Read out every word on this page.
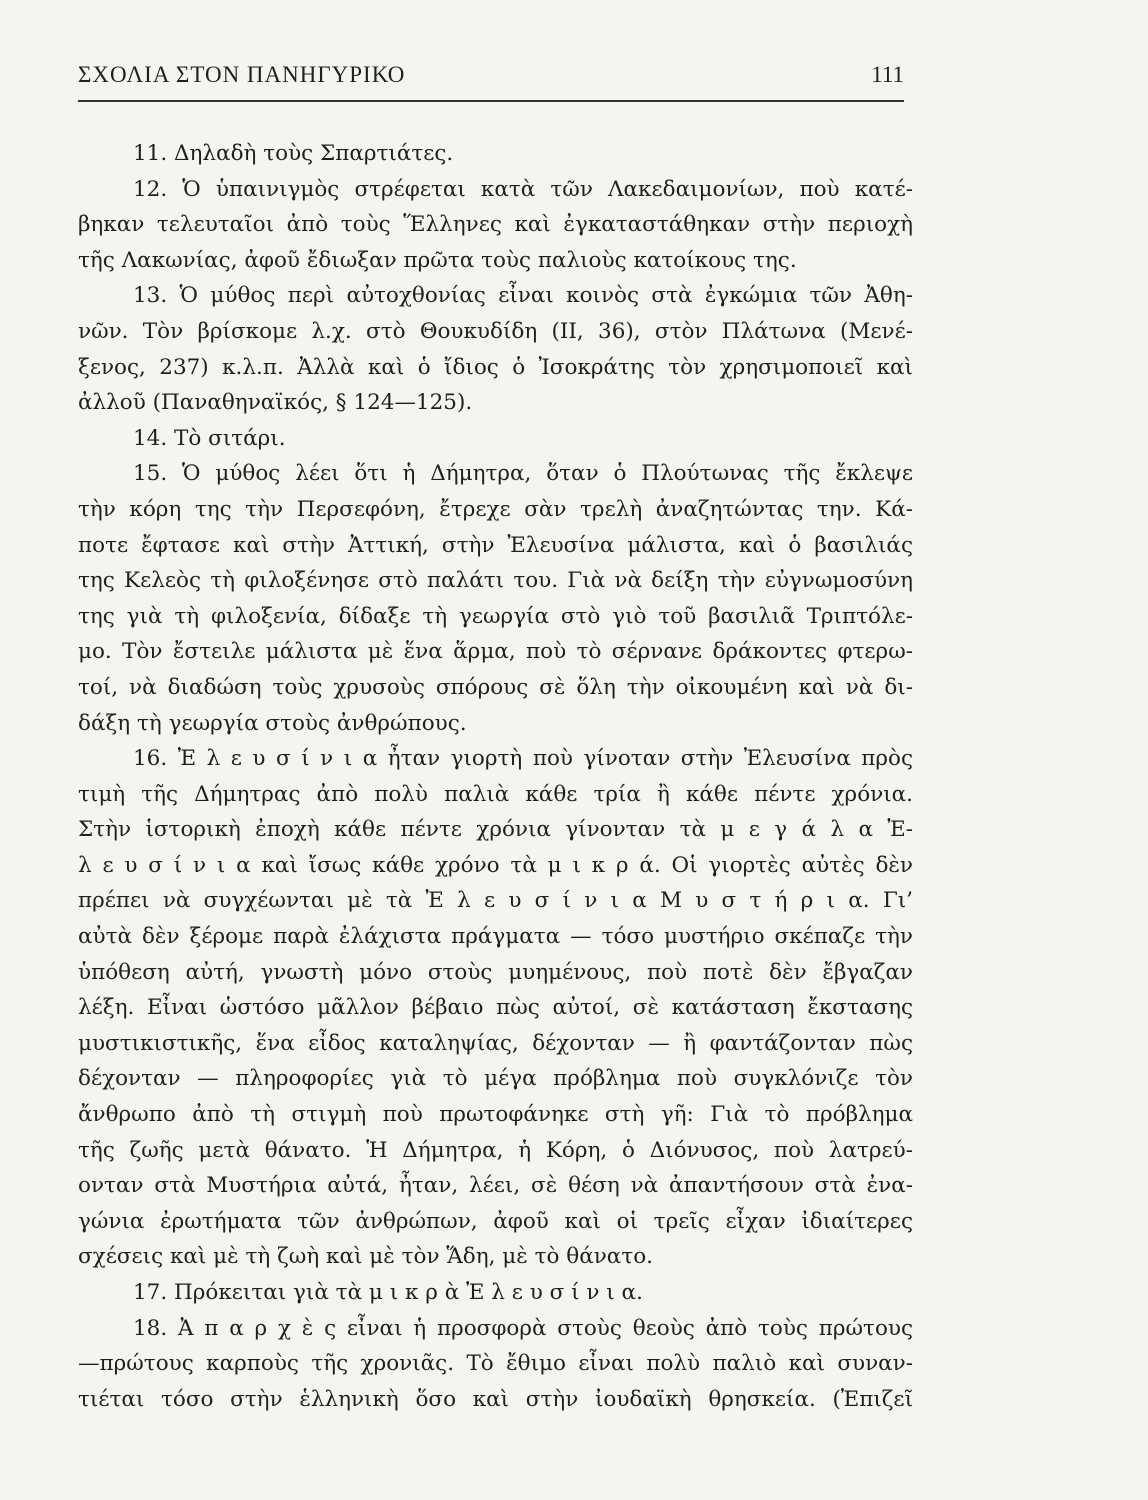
ΣΧΟΛΙΑ ΣΤΟΝ ΠΑΝΗΓΥΡΙΚΟ	111
11. Δηλαδὴ τοὺς Σπαρτιάτες.
12. Ὁ ὑπαινιγμὸς στρέφεται κατὰ τῶν Λακεδαιμονίων, ποὺ κατέ-
βηκαν τελευταῖοι ἀπὸ τοὺς Ἕλληνες καὶ ἐγκαταστάθηκαν στὴν περιοχὴ
τῆς Λακωνίας, ἀφοῦ ἔδιωξαν πρῶτα τοὺς παλιοὺς κατοίκους της.
13. Ὁ μύθος περὶ αὐτοχθονίας εἶναι κοινὸς στὰ ἐγκώμια τῶν Ἀθη-
νῶν. Τὸν βρίσκομε λ.χ. στὸ Θουκυδίδη (ΙΙ, 36), στὸν Πλάτωνα (Μενέ-
ξενος, 237) κ.λ.π. Ἀλλὰ καὶ ὁ ἴδιος ὁ Ἰσοκράτης τὸν χρησιμοποιεῖ καὶ
ἀλλοῦ (Παναθηναϊκός, § 124—125).
14. Τὸ σιτάρι.
15. Ὁ μύθος λέει ὅτι ἡ Δήμητρα, ὅταν ὁ Πλούτωνας τῆς ἔκλεψε
τὴν κόρη της τὴν Περσεφόνη, ἔτρεχε σὰν τρελὴ ἀναζητώντας την. Κά-
ποτε ἔφτασε καὶ στὴν Ἀττική, στὴν Ἐλευσίνα μάλιστα, καὶ ὁ βασιλιάς
της Κελεὸς τὴ φιλοξένησε στὸ παλάτι του. Γιὰ νὰ δείξη τὴν εὐγνωμοσύνη
της γιὰ τὴ φιλοξενία, δίδαξε τὴ γεωργία στὸ γιὸ τοῦ βασιλιᾶ Τριπτόλε-
μο. Τὸν ἔστειλε μάλιστα μὲ ἕνα ἅρμα, ποὺ τὸ σέρνανε δράκοντες φτερω-
τοί, νὰ διαδώση τοὺς χρυσοὺς σπόρους σὲ ὅλη τὴν οἰκουμένη καὶ νὰ δι-
δάξη τὴ γεωργία στοὺς ἀνθρώπους.
16. Ἐ λ ε υ σ ί ν ι α ἦταν γιορτὴ ποὺ γίνοταν στὴν Ἐλευσίνα πρὸς
τιμὴ τῆς Δήμητρας ἀπὸ πολὺ παλιὰ κάθε τρία ἢ κάθε πέντε χρόνια.
Στὴν ἱστορικὴ ἐποχὴ κάθε πέντε χρόνια γίνονταν τὰ μ ε γ ά λ α Ἐ-
λ ε υ σ ί ν ι α καὶ ἴσως κάθε χρόνο τὰ μ ι κ ρ ά. Οἱ γιορτὲς αὐτὲς δὲν
πρέπει νὰ συγχέωνται μὲ τὰ Ἐ λ ε υ σ ί ν ι α Μ υ σ τ ή ρ ι α. Γι’
αὐτὰ δὲν ξέρομε παρὰ ἐλάχιστα πράγματα — τόσο μυστήριο σκέπαζε τὴν
ὑπόθεση αὐτή, γνωστὴ μόνο στοὺς μυημένους, ποὺ ποτὲ δὲν ἔβγαζαν
λέξη. Εἶναι ὡστόσο μᾶλλον βέβαιο πὼς αὐτοί, σὲ κατάσταση ἔκστασης
μυστικιστικῆς, ἕνα εἶδος καταληψίας, δέχονταν — ἢ φαντάζονταν πὼς
δέχονταν — πληροφορίες γιὰ τὸ μέγα πρόβλημα ποὺ συγκλόνιζε τὸν
ἄνθρωπο ἀπὸ τὴ στιγμὴ ποὺ πρωτοφάνηκε στὴ γῆ: Γιὰ τὸ πρόβλημα
τῆς ζωῆς μετὰ θάνατο. Ἡ Δήμητρα, ἡ Κόρη, ὁ Διόνυσος, ποὺ λατρεύ-
ονταν στὰ Μυστήρια αὐτά, ἦταν, λέει, σὲ θέση νὰ ἀπαντήσουν στὰ ἐνα-
γώνια ἐρωτήματα τῶν ἀνθρώπων, ἀφοῦ καὶ οἱ τρεῖς εἶχαν ἰδιαίτερες
σχέσεις καὶ μὲ τὴ ζωὴ καὶ μὲ τὸν Ἅδη, μὲ τὸ θάνατο.
17. Πρόκειται γιὰ τὰ μ ι κ ρ ὰ Ἐ λ ε υ σ ί ν ι α.
18. Ἀ π α ρ χ ὲ ς εἶναι ἡ προσφορὰ στοὺς θεοὺς ἀπὸ τοὺς πρώτους
—πρώτους καρποὺς τῆς χρονιᾶς. Τὸ ἔθιμο εἶναι πολὺ παλιὸ καὶ συναν-
τιέται τόσο στὴν ἑλληνικὴ ὅσο καὶ στὴν ἰουδαϊκὴ θρησκεία. (Ἐπιζεῖ
